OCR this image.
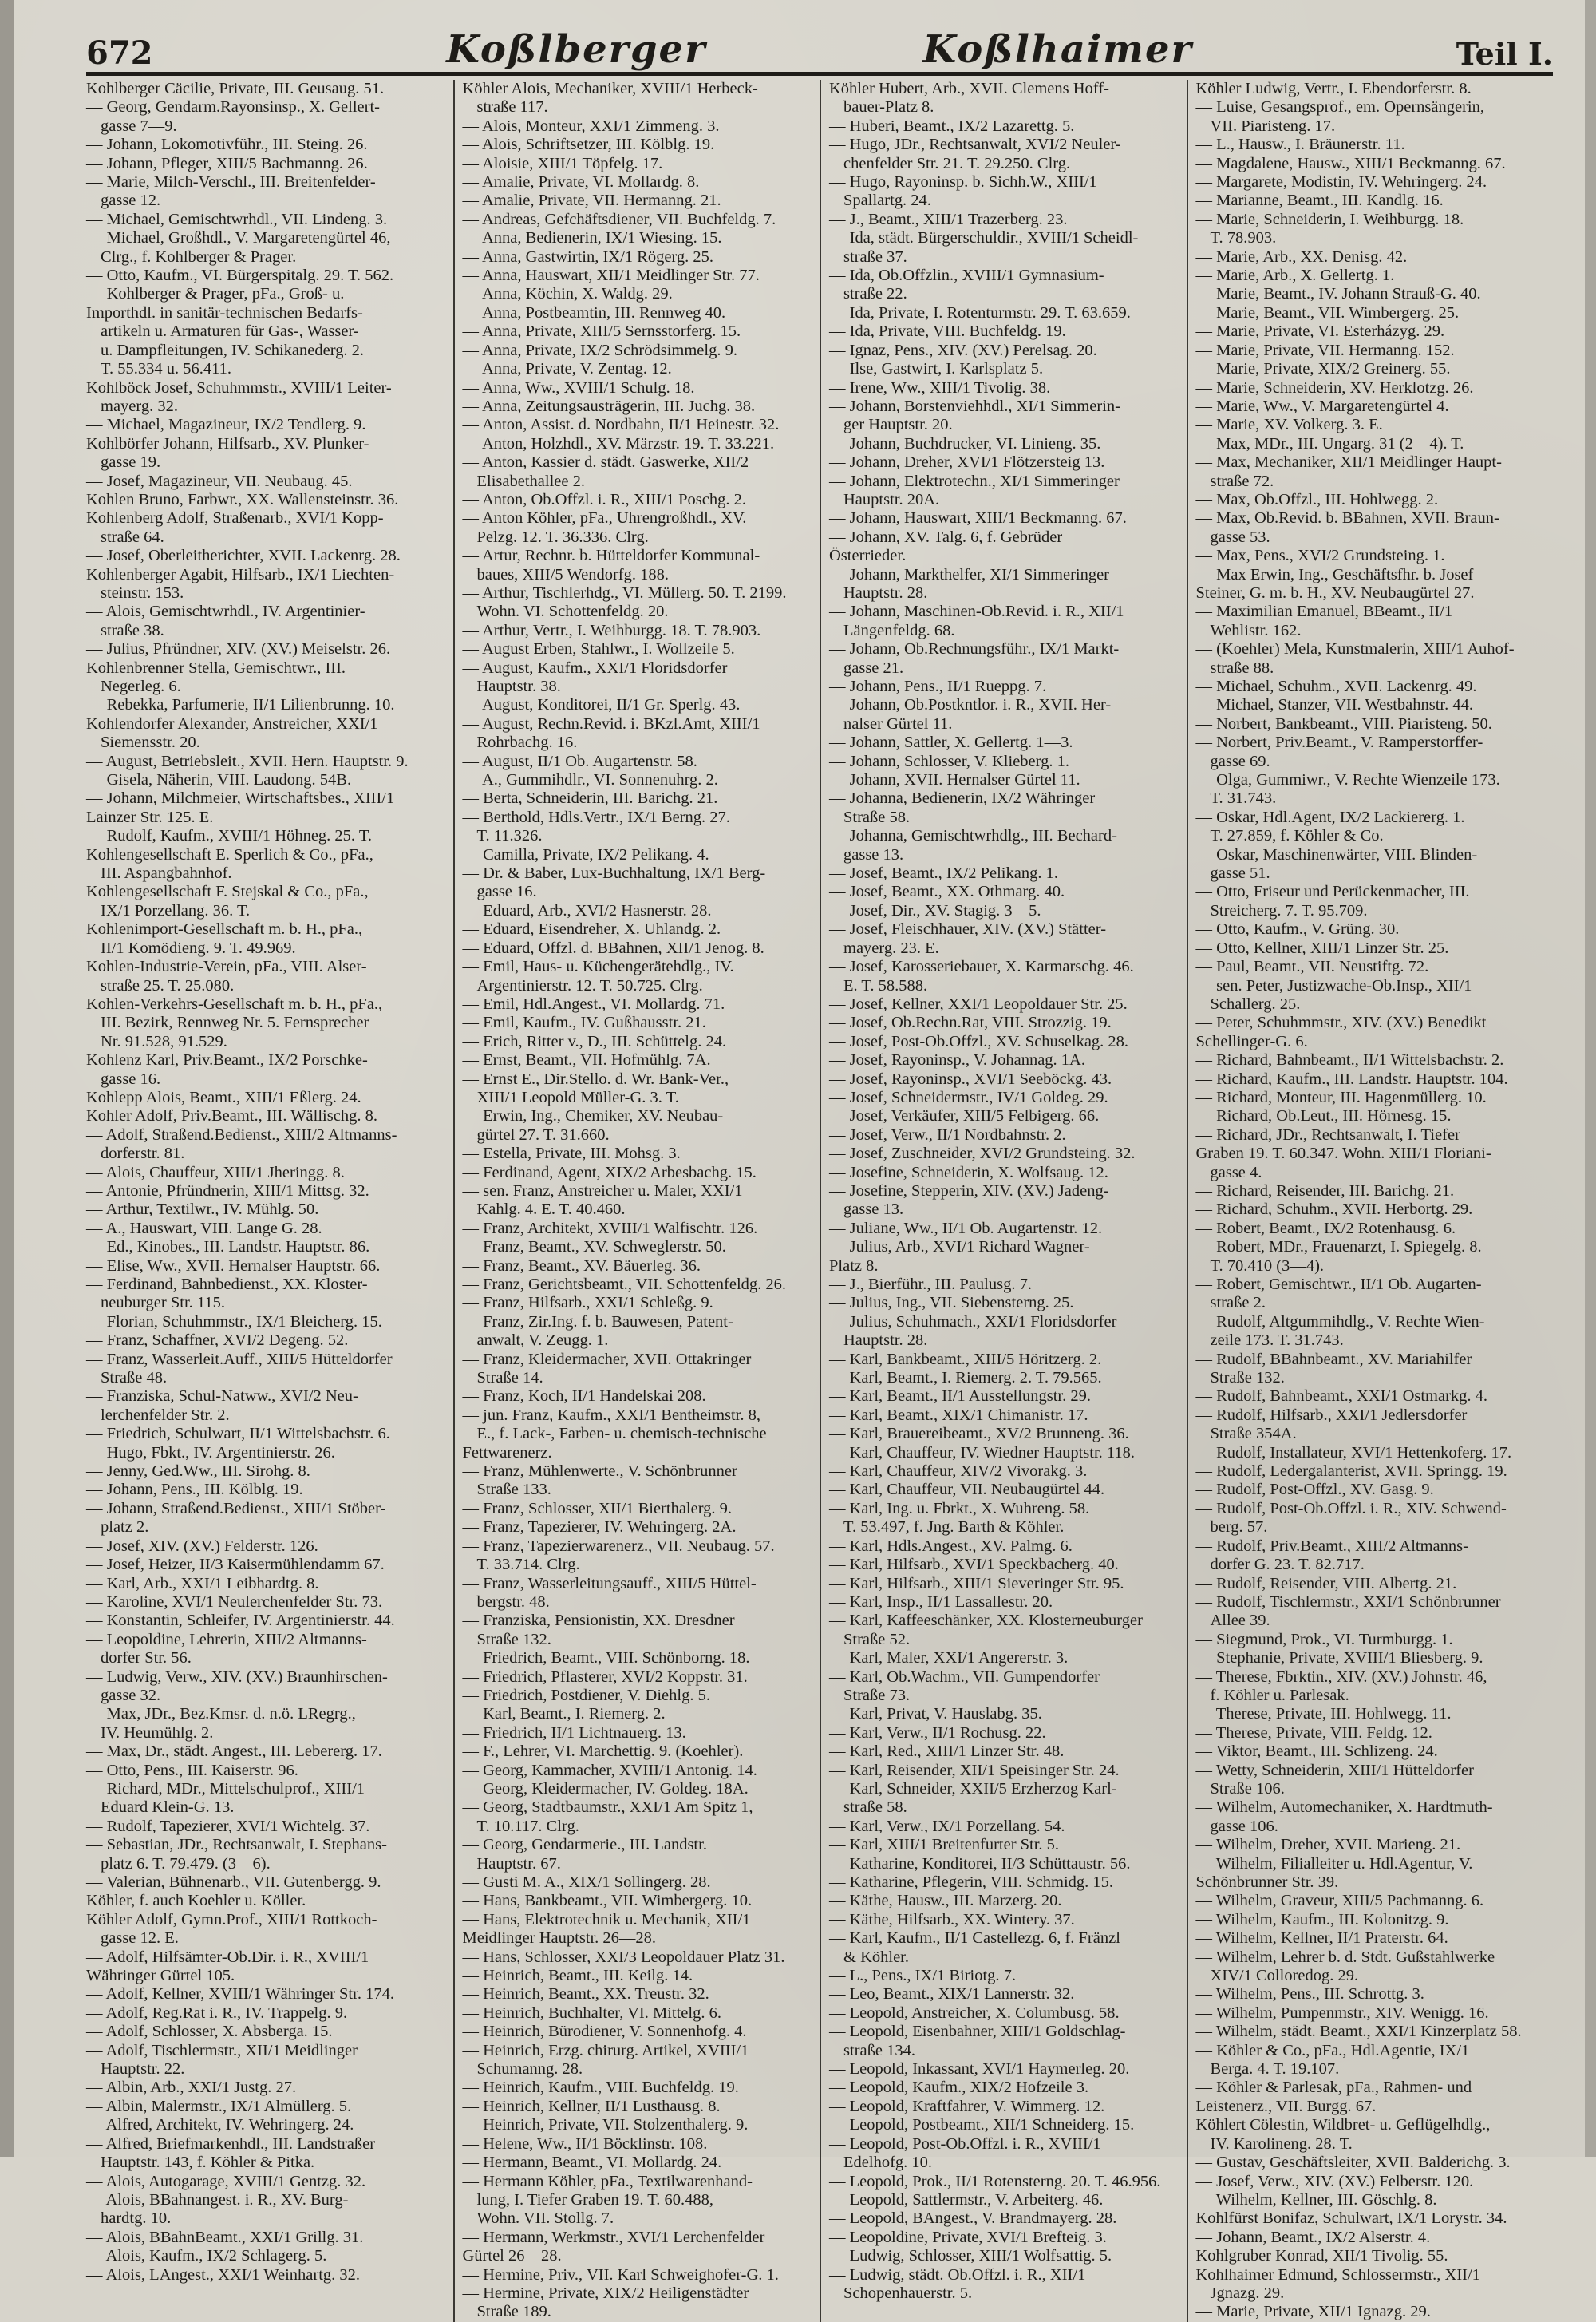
672	Koßlberger	Koßlhaimer	Teil I.

Kohlberger Cäcilie, Private, III. Geusaug. 51.

— Georg, Gendarm.Rayonsinsp., X. Gellert-

gasse 7—9.

— Johann, Lokomotivführ., III. Steing. 26.

— Johann, Pfleger, XIII/5 Bachmanng. 26.

— Marie, Milch-Verschl., III. Breitenfelder-

gasse 12.

— Michael, Gemischtwrhdl., VII. Lindeng. 3.

— Michael, Großhdl., V. Margaretengürtel 46,

Clrg., f. Kohlberger & Prager.

— Otto, Kaufm., VI. Bürgerspitalg. 29. T. 562.

— Kohlberger & Prager, pFa., Groß- u.

Importhdl. in sanitär-technischen Bedarfs-

artikeln u. Armaturen für Gas-, Wasser-

u. Dampfleitungen, IV. Schikanederg. 2.

T. 55.334 u. 56.411.

Kohlböck Josef, Schuhmmstr., XVIII/1 Leiter-

mayerg. 32.

— Michael, Magazineur, IX/2 Tendlerg. 9.

Kohlbörfer Johann, Hilfsarb., XV. Plunker-

gasse 19.

— Josef, Magazineur, VII. Neubaug. 45.

Kohlen Bruno, Farbwr., XX. Wallensteinstr. 36.

Kohlenberg Adolf, Straßenarb., XVI/1 Kopp-

straße 64.

— Josef, Oberleitherichter, XVII. Lackenrg. 28.

Kohlenberger Agabit, Hilfsarb., IX/1 Liechten-

steinstr. 153.

— Alois, Gemischtwrhdl., IV. Argentinier-

straße 38.

— Julius, Pfründner, XIV. (XV.) Meiselstr. 26.

Kohlenbrenner Stella, Gemischtwr., III.

Negerleg. 6.

— Rebekka, Parfumerie, II/1 Lilienbrunng. 10.

Kohlendorfer Alexander, Anstreicher, XXI/1

Siemensstr. 20.

— August, Betriebsleit., XVII. Hern. Hauptstr. 9.

— Gisela, Näherin, VIII. Laudong. 54B.

— Johann, Milchmeier, Wirtschaftsbes., XIII/1

Lainzer Str. 125. E.

— Rudolf, Kaufm., XVIII/1 Höhneg. 25. T.

Kohlengesellschaft E. Sperlich & Co., pFa.,

III. Aspangbahnhof.

Kohlengesellschaft F. Stejskal & Co., pFa.,

IX/1 Porzellang. 36. T.

Kohlenimport-Gesellschaft m. b. H., pFa.,

II/1 Komödieng. 9. T. 49.969.

Kohlen-Industrie-Verein, pFa., VIII. Alser-

straße 25. T. 25.080.

Kohlen-Verkehrs-Gesellschaft m. b. H., pFa.,

III. Bezirk, Rennweg Nr. 5. Fernsprecher

Nr. 91.528, 91.529.

Kohlenz Karl, Priv.Beamt., IX/2 Porschke-

gasse 16.

Kohlepp Alois, Beamt., XIII/1 Eßlerg. 24.

Kohler Adolf, Priv.Beamt., III. Wällischg. 8.

— Adolf, Straßend.Bedienst., XIII/2 Altmanns-

dorferstr. 81.

— Alois, Chauffeur, XIII/1 Jheringg. 8.

— Antonie, Pfründnerin, XIII/1 Mittsg. 32.

— Arthur, Textilwr., IV. Mühlg. 50.

— A., Hauswart, VIII. Lange G. 28.

— Ed., Kinobes., III. Landstr. Hauptstr. 86.

— Elise, Ww., XVII. Hernalser Hauptstr. 66.

— Ferdinand, Bahnbedienst., XX. Kloster-

neuburger Str. 115.

— Florian, Schuhmmstr., IX/1 Bleicherg. 15.

— Franz, Schaffner, XVI/2 Degeng. 52.

— Franz, Wasserleit.Auff., XIII/5 Hütteldorfer

Straße 48.

— Franziska, Schul-Natww., XVI/2 Neu-

lerchenfelder Str. 2.

— Friedrich, Schulwart, II/1 Wittelsbachstr. 6.

— Hugo, Fbkt., IV. Argentinierstr. 26.

— Jenny, Ged.Ww., III. Sirohg. 8.

— Johann, Pens., III. Kölblg. 19.

— Johann, Straßend.Bedienst., XIII/1 Stöber-

platz 2.

— Josef, XIV. (XV.) Felderstr. 126.

— Josef, Heizer, II/3 Kaisermühlendamm 67.

— Karl, Arb., XXI/1 Leibhardtg. 8.

— Karoline, XVI/1 Neulerchenfelder Str. 73.

— Konstantin, Schleifer, IV. Argentinierstr. 44.

— Leopoldine, Lehrerin, XIII/2 Altmanns-

dorfer Str. 56.

— Ludwig, Verw., XIV. (XV.) Braunhirschen-

gasse 32.

— Max, JDr., Bez.Kmsr. d. n.ö. LRegrg.,

IV. Heumühlg. 2.

— Max, Dr., städt. Angest., III. Lebererg. 17.

— Otto, Pens., III. Kaiserstr. 96.

— Richard, MDr., Mittelschulprof., XIII/1

Eduard Klein-G. 13.

— Rudolf, Tapezierer, XVI/1 Wichtelg. 37.

— Sebastian, JDr., Rechtsanwalt, I. Stephans-

platz 6. T. 79.479. (3—6).

— Valerian, Bühnenarb., VII. Gutenbergg. 9.

Köhler, f. auch Koehler u. Köller.

Köhler Adolf, Gymn.Prof., XIII/1 Rottkoch-

gasse 12. E.

— Adolf, Hilfsämter-Ob.Dir. i. R., XVIII/1

Währinger Gürtel 105.

— Adolf, Kellner, XVIII/1 Währinger Str. 174.

— Adolf, Reg.Rat i. R., IV. Trappelg. 9.

— Adolf, Schlosser, X. Absberga. 15.

— Adolf, Tischlermstr., XII/1 Meidlinger

Hauptstr. 22.

— Albin, Arb., XXI/1 Justg. 27.

— Albin, Malermstr., IX/1 Almüllerg. 5.

— Alfred, Architekt, IV. Wehringerg. 24.

— Alfred, Briefmarkenhdl., III. Landstraßer

Hauptstr. 143, f. Köhler & Pitka.

— Alois, Autogarage, XVIII/1 Gentzg. 32.

— Alois, BBahnangest. i. R., XV. Burg-

hardtg. 10.

— Alois, BBahnBeamt., XXI/1 Grillg. 31.

— Alois, Kaufm., IX/2 Schlagerg. 5.

— Alois, LAngest., XXI/1 Weinhartg. 32.

Köhler Alois, Mechaniker, XVIII/1 Herbeck-

straße 117.

— Alois, Monteur, XXI/1 Zimmeng. 3.

— Alois, Schriftsetzer, III. Kölblg. 19.

— Aloisie, XIII/1 Töpfelg. 17.

— Amalie, Private, VI. Mollardg. 8.

— Amalie, Private, VII. Hermanng. 21.

— Andreas, Gefchäftsdiener, VII. Buchfeldg. 7.

— Anna, Bedienerin, IX/1 Wiesing. 15.

— Anna, Gastwirtin, IX/1 Rögerg. 25.

— Anna, Hauswart, XII/1 Meidlinger Str. 77.

— Anna, Köchin, X. Waldg. 29.

— Anna, Postbeamtin, III. Rennweg 40.

— Anna, Private, XIII/5 Sernsstorferg. 15.

— Anna, Private, IX/2 Schrödsimmelg. 9.

— Anna, Private, V. Zentag. 12.

— Anna, Ww., XVIII/1 Schulg. 18.

— Anna, Zeitungsausträgerin, III. Juchg. 38.

— Anton, Assist. d. Nordbahn, II/1 Heinestr. 32.

— Anton, Holzhdl., XV. Märzstr. 19. T. 33.221.

— Anton, Kassier d. städt. Gaswerke, XII/2

Elisabethallee 2.

— Anton, Ob.Offzl. i. R., XIII/1 Poschg. 2.

— Anton Köhler, pFa., Uhrengroßhdl., XV.

Pelzg. 12. T. 36.336. Clrg.

— Artur, Rechnr. b. Hütteldorfer Kommunal-

baues, XIII/5 Wendorfg. 188.

— Arthur, Tischlerhdg., VI. Müllerg. 50. T. 2199.

Wohn. VI. Schottenfeldg. 20.

— Arthur, Vertr., I. Weihburgg. 18. T. 78.903.

— August Erben, Stahlwr., I. Wollzeile 5.

— August, Kaufm., XXI/1 Floridsdorfer

Hauptstr. 38.

— August, Konditorei, II/1 Gr. Sperlg. 43.

— August, Rechn.Revid. i. BKzl.Amt, XIII/1

Rohrbachg. 16.

— August, II/1 Ob. Augartenstr. 58.

— A., Gummihdlr., VI. Sonnenuhrg. 2.

— Berta, Schneiderin, III. Barichg. 21.

— Berthold, Hdls.Vertr., IX/1 Berng. 27.

T. 11.326.

— Camilla, Private, IX/2 Pelikang. 4.

— Dr. & Baber, Lux-Buchhaltung, IX/1 Berg-

gasse 16.

— Eduard, Arb., XVI/2 Hasnerstr. 28.

— Eduard, Eisendreher, X. Uhlandg. 2.

— Eduard, Offzl. d. BBahnen, XII/1 Jenog. 8.

— Emil, Haus- u. Küchengerätehdlg., IV.

Argentinierstr. 12. T. 50.725. Clrg.

— Emil, Hdl.Angest., VI. Mollardg. 71.

— Emil, Kaufm., IV. Gußhausstr. 21.

— Erich, Ritter v., D., III. Schüttelg. 24.

— Ernst, Beamt., VII. Hofmühlg. 7A.

— Ernst E., Dir.Stello. d. Wr. Bank-Ver.,

XIII/1 Leopold Müller-G. 3. T.

— Erwin, Ing., Chemiker, XV. Neubau-

gürtel 27. T. 31.660.

— Estella, Private, III. Mohsg. 3.

— Ferdinand, Agent, XIX/2 Arbesbachg. 15.

— sen. Franz, Anstreicher u. Maler, XXI/1

Kahlg. 4. E. T. 40.460.

— Franz, Architekt, XVIII/1 Walfischtr. 126.

— Franz, Beamt., XV. Schweglerstr. 50.

— Franz, Beamt., XV. Bäuerleg. 36.

— Franz, Gerichtsbeamt., VII. Schottenfeldg. 26.

— Franz, Hilfsarb., XXI/1 Schleßg. 9.

— Franz, Zir.Ing. f. b. Bauwesen, Patent-

anwalt, V. Zeugg. 1.

— Franz, Kleidermacher, XVII. Ottakringer

Straße 14.

— Franz, Koch, II/1 Handelskai 208.

— jun. Franz, Kaufm., XXI/1 Bentheimstr. 8,

E., f. Lack-, Farben- u. chemisch-technische

Fettwarenerz.

— Franz, Mühlenwerte., V. Schönbrunner

Straße 133.

— Franz, Schlosser, XII/1 Bierthalerg. 9.

— Franz, Tapezierer, IV. Wehringerg. 2A.

— Franz, Tapezierwarenerz., VII. Neubaug. 57.

T. 33.714. Clrg.

— Franz, Wasserleitungsauff., XIII/5 Hüttel-

bergstr. 48.

— Franziska, Pensionistin, XX. Dresdner

Straße 132.

— Friedrich, Beamt., VIII. Schönborng. 18.

— Friedrich, Pflasterer, XVI/2 Koppstr. 31.

— Friedrich, Postdiener, V. Diehlg. 5.

— Karl, Beamt., I. Riemerg. 2.

— Friedrich, II/1 Lichtnauerg. 13.

— F., Lehrer, VI. Marchettig. 9. (Koehler).

— Georg, Kammacher, XVIII/1 Antonig. 14.

— Georg, Kleidermacher, IV. Goldeg. 18A.

— Georg, Stadtbaumstr., XXI/1 Am Spitz 1,

T. 10.117. Clrg.

— Georg, Gendarmerie., III. Landstr.

Hauptstr. 67.

— Gusti M. A., XIX/1 Sollingerg. 28.

— Hans, Bankbeamt., VII. Wimbergerg. 10.

— Hans, Elektrotechnik u. Mechanik, XII/1

Meidlinger Hauptstr. 26—28.

— Hans, Schlosser, XXI/3 Leopoldauer Platz 31.

— Heinrich, Beamt., III. Keilg. 14.

— Heinrich, Beamt., XX. Treustr. 32.

— Heinrich, Buchhalter, VI. Mittelg. 6.

— Heinrich, Bürodiener, V. Sonnenhofg. 4.

— Heinrich, Erzg. chirurg. Artikel, XVIII/1

Schumanng. 28.

— Heinrich, Kaufm., VIII. Buchfeldg. 19.

— Heinrich, Kellner, II/1 Lusthausg. 8.

— Heinrich, Private, VII. Stolzenthalerg. 9.

— Helene, Ww., II/1 Böcklinstr. 108.

— Hermann, Beamt., VI. Mollardg. 24.

— Hermann Köhler, pFa., Textilwarenhand-

lung, I. Tiefer Graben 19. T. 60.488,

Wohn. VII. Stollg. 7.

— Hermann, Werkmstr., XVI/1 Lerchenfelder

Gürtel 26—28.

— Hermine, Priv., VII. Karl Schweighofer-G. 1.

— Hermine, Private, XIX/2 Heiligenstädter

Straße 189.

Köhler Hubert, Arb., XVII. Clemens Hoff-

bauer-Platz 8.

— Huberi, Beamt., IX/2 Lazarettg. 5.

— Hugo, JDr., Rechtsanwalt, XVI/2 Neuler-

chenfelder Str. 21. T. 29.250. Clrg.

— Hugo, Rayoninsp. b. Sichh.W., XIII/1

Spallartg. 24.

— J., Beamt., XIII/1 Trazerberg. 23.

— Ida, städt. Bürgerschuldir., XVIII/1 Scheidl-

straße 37.

— Ida, Ob.Offzlin., XVIII/1 Gymnasium-

straße 22.

— Ida, Private, I. Rotenturmstr. 29. T. 63.659.

— Ida, Private, VIII. Buchfeldg. 19.

— Ignaz, Pens., XIV. (XV.) Perelsag. 20.

— Ilse, Gastwirt, I. Karlsplatz 5.

— Irene, Ww., XIII/1 Tivolig. 38.

— Johann, Borstenviehhdl., XI/1 Simmerin-

ger Hauptstr. 20.

— Johann, Buchdrucker, VI. Linieng. 35.

— Johann, Dreher, XVI/1 Flötzersteig 13.

— Johann, Elektrotechn., XI/1 Simmeringer

Hauptstr. 20A.

— Johann, Hauswart, XIII/1 Beckmanng. 67.

— Johann, XV. Talg. 6, f. Gebrüder

Österrieder.

— Johann, Markthelfer, XI/1 Simmeringer

Hauptstr. 28.

— Johann, Maschinen-Ob.Revid. i. R., XII/1

Längenfeldg. 68.

— Johann, Ob.Rechnungsführ., IX/1 Markt-

gasse 21.

— Johann, Pens., II/1 Rueppg. 7.

— Johann, Ob.Postkntlor. i. R., XVII. Her-

nalser Gürtel 11.

— Johann, Sattler, X. Gellertg. 1—3.

— Johann, Schlosser, V. Klieberg. 1.

— Johann, XVII. Hernalser Gürtel 11.

— Johanna, Bedienerin, IX/2 Währinger

Straße 58.

— Johanna, Gemischtwrhdlg., III. Bechard-

gasse 13.

— Josef, Beamt., IX/2 Pelikang. 1.

— Josef, Beamt., XX. Othmarg. 40.

— Josef, Dir., XV. Stagig. 3—5.

— Josef, Fleischhauer, XIV. (XV.) Stätter-

mayerg. 23. E.

— Josef, Karosseriebauer, X. Karmarschg. 46.

E. T. 58.588.

— Josef, Kellner, XXI/1 Leopoldauer Str. 25.

— Josef, Ob.Rechn.Rat, VIII. Strozzig. 19.

— Josef, Post-Ob.Offzl., XV. Schuselkag. 28.

— Josef, Rayoninsp., V. Johannag. 1A.

— Josef, Rayoninsp., XVI/1 Seeböckg. 43.

— Josef, Schneidermstr., IV/1 Goldeg. 29.

— Josef, Verkäufer, XIII/5 Felbigerg. 66.

— Josef, Verw., II/1 Nordbahnstr. 2.

— Josef, Zuschneider, XVI/2 Grundsteing. 32.

— Josefine, Schneiderin, X. Wolfsaug. 12.

— Josefine, Stepperin, XIV. (XV.) Jadeng-

gasse 13.

— Juliane, Ww., II/1 Ob. Augartenstr. 12.

— Julius, Arb., XVI/1 Richard Wagner-

Platz 8.

— J., Bierführ., III. Paulusg. 7.

— Julius, Ing., VII. Siebensterng. 25.

— Julius, Schuhmach., XXI/1 Floridsdorfer

Hauptstr. 28.

— Karl, Bankbeamt., XIII/5 Höritzerg. 2.

— Karl, Beamt., I. Riemerg. 2. T. 79.565.

— Karl, Beamt., II/1 Ausstellungstr. 29.

— Karl, Beamt., XIX/1 Chimanistr. 17.

— Karl, Brauereibeamt., XV/2 Brunneng. 36.

— Karl, Chauffeur, IV. Wiedner Hauptstr. 118.

— Karl, Chauffeur, XIV/2 Vivorakg. 3.

— Karl, Chauffeur, VII. Neubaugürtel 44.

— Karl, Ing. u. Fbrkt., X. Wuhreng. 58.

T. 53.497, f. Jng. Barth & Köhler.

— Karl, Hdls.Angest., XV. Palmg. 6.

— Karl, Hilfsarb., XVI/1 Speckbacherg. 40.

— Karl, Hilfsarb., XIII/1 Sieveringer Str. 95.

— Karl, Insp., II/1 Lassallestr. 20.

— Karl, Kaffeeschänker, XX. Klosterneuburger

Straße 52.

— Karl, Maler, XXI/1 Angererstr. 3.

— Karl, Ob.Wachm., VII. Gumpendorfer

Straße 73.

— Karl, Privat, V. Hauslabg. 35.

— Karl, Verw., II/1 Rochusg. 22.

— Karl, Red., XIII/1 Linzer Str. 48.

— Karl, Reisender, XII/1 Speisinger Str. 24.

— Karl, Schneider, XXII/5 Erzherzog Karl-

straße 58.

— Karl, Verw., IX/1 Porzellang. 54.

— Karl, XIII/1 Breitenfurter Str. 5.

— Katharine, Konditorei, II/3 Schüttaustr. 56.

— Katharine, Pflegerin, VIII. Schmidg. 15.

— Käthe, Hausw., III. Marzerg. 20.

— Käthe, Hilfsarb., XX. Wintery. 37.

— Karl, Kaufm., II/1 Castellezg. 6, f. Fränzl

& Köhler.

— L., Pens., IX/1 Biriotg. 7.

— Leo, Beamt., XIX/1 Lannerstr. 32.

— Leopold, Anstreicher, X. Columbusg. 58.

— Leopold, Eisenbahner, XIII/1 Goldschlag-

straße 134.

— Leopold, Inkassant, XVI/1 Haymerleg. 20.

— Leopold, Kaufm., XIX/2 Hofzeile 3.

— Leopold, Kraftfahrer, V. Wimmerg. 12.

— Leopold, Postbeamt., XII/1 Schneiderg. 15.

— Leopold, Post-Ob.Offzl. i. R., XVIII/1

Edelhofg. 10.

— Leopold, Prok., II/1 Rotensterng. 20. T. 46.956.

— Leopold, Sattlermstr., V. Arbeiterg. 46.

— Leopold, BAngest., V. Brandmayerg. 28.

— Leopoldine, Private, XVI/1 Brefteig. 3.

— Ludwig, Schlosser, XIII/1 Wolfsattig. 5.

— Ludwig, städt. Ob.Offzl. i. R., XII/1

Schopenhauerstr. 5.

Köhler Ludwig, Vertr., I. Ebendorferstr. 8.

— Luise, Gesangsprof., em. Opernsängerin,

VII. Piaristeng. 17.

— L., Hausw., I. Bräunerstr. 11.

— Magdalene, Hausw., XIII/1 Beckmanng. 67.

— Margarete, Modistin, IV. Wehringerg. 24.

— Marianne, Beamt., III. Kandlg. 16.

— Marie, Schneiderin, I. Weihburgg. 18.

T. 78.903.

— Marie, Arb., XX. Denisg. 42.

— Marie, Arb., X. Gellertg. 1.

— Marie, Beamt., IV. Johann Strauß-G. 40.

— Marie, Beamt., VII. Wimbergerg. 25.

— Marie, Private, VI. Esterházyg. 29.

— Marie, Private, VII. Hermanng. 152.

— Marie, Private, XIX/2 Greinerg. 55.

— Marie, Schneiderin, XV. Herklotzg. 26.

— Marie, Ww., V. Margaretengürtel 4.

— Marie, XV. Volkerg. 3. E.

— Max, MDr., III. Ungarg. 31 (2—4). T.

— Max, Mechaniker, XII/1 Meidlinger Haupt-

straße 72.

— Max, Ob.Offzl., III. Hohlwegg. 2.

— Max, Ob.Revid. b. BBahnen, XVII. Braun-

gasse 53.

— Max, Pens., XVI/2 Grundsteing. 1.

— Max Erwin, Ing., Geschäftsfhr. b. Josef

Steiner, G. m. b. H., XV. Neubaugürtel 27.

— Maximilian Emanuel, BBeamt., II/1

Wehlistr. 162.

— (Koehler) Mela, Kunstmalerin, XIII/1 Auhof-

straße 88.

— Michael, Schuhm., XVII. Lackenrg. 49.

— Michael, Stanzer, VII. Westbahnstr. 44.

— Norbert, Bankbeamt., VIII. Piaristeng. 50.

— Norbert, Priv.Beamt., V. Ramperstorffer-

gasse 69.

— Olga, Gummiwr., V. Rechte Wienzeile 173.

T. 31.743.

— Oskar, Hdl.Agent, IX/2 Lackiererg. 1.

T. 27.859, f. Köhler & Co.

— Oskar, Maschinenwärter, VIII. Blinden-

gasse 51.

— Otto, Friseur und Perückenmacher, III.

Streicherg. 7. T. 95.709.

— Otto, Kaufm., V. Grüng. 30.

— Otto, Kellner, XIII/1 Linzer Str. 25.

— Paul, Beamt., VII. Neustiftg. 72.

— sen. Peter, Justizwache-Ob.Insp., XII/1

Schallerg. 25.

— Peter, Schuhmmstr., XIV. (XV.) Benedikt

Schellinger-G. 6.

— Richard, Bahnbeamt., II/1 Wittelsbachstr. 2.

— Richard, Kaufm., III. Landstr. Hauptstr. 104.

— Richard, Monteur, III. Hagenmüllerg. 10.

— Richard, Ob.Leut., III. Hörnesg. 15.

— Richard, JDr., Rechtsanwalt, I. Tiefer

Graben 19. T. 60.347. Wohn. XIII/1 Floriani-

gasse 4.

— Richard, Reisender, III. Barichg. 21.

— Richard, Schuhm., XVII. Herbortg. 29.

— Robert, Beamt., IX/2 Rotenhausg. 6.

— Robert, MDr., Frauenarzt, I. Spiegelg. 8.

T. 70.410 (3—4).

— Robert, Gemischtwr., II/1 Ob. Augarten-

straße 2.

— Rudolf, Altgummihdlg., V. Rechte Wien-

zeile 173. T. 31.743.

— Rudolf, BBahnbeamt., XV. Mariahilfer

Straße 132.

— Rudolf, Bahnbeamt., XXI/1 Ostmarkg. 4.

— Rudolf, Hilfsarb., XXI/1 Jedlersdorfer

Straße 354A.

— Rudolf, Installateur, XVI/1 Hettenkoferg. 17.

— Rudolf, Ledergalanterist, XVII. Springg. 19.

— Rudolf, Post-Offzl., XV. Gasg. 9.

— Rudolf, Post-Ob.Offzl. i. R., XIV. Schwend-

berg. 57.

— Rudolf, Priv.Beamt., XIII/2 Altmanns-

dorfer G. 23. T. 82.717.

— Rudolf, Reisender, VIII. Albertg. 21.

— Rudolf, Tischlermstr., XXI/1 Schönbrunner

Allee 39.

— Siegmund, Prok., VI. Turmburgg. 1.

— Stephanie, Private, XVIII/1 Bliesberg. 9.

— Therese, Fbrktin., XIV. (XV.) Johnstr. 46,

f. Köhler u. Parlesak.

— Therese, Private, III. Hohlwegg. 11.

— Therese, Private, VIII. Feldg. 12.

— Viktor, Beamt., III. Schlizeng. 24.

— Wetty, Schneiderin, XIII/1 Hütteldorfer

Straße 106.

— Wilhelm, Automechaniker, X. Hardtmuth-

gasse 106.

— Wilhelm, Dreher, XVII. Marieng. 21.

— Wilhelm, Filialleiter u. Hdl.Agentur, V.

Schönbrunner Str. 39.

— Wilhelm, Graveur, XIII/5 Pachmanng. 6.

— Wilhelm, Kaufm., III. Kolonitzg. 9.

— Wilhelm, Kellner, II/1 Praterstr. 64.

— Wilhelm, Lehrer b. d. Stdt. Gußstahlwerke

XIV/1 Colloredog. 29.

— Wilhelm, Pens., III. Schrottg. 3.

— Wilhelm, Pumpenmstr., XIV. Wenigg. 16.

— Wilhelm, städt. Beamt., XXI/1 Kinzerplatz 58.

— Köhler & Co., pFa., Hdl.Agentie, IX/1

Berga. 4. T. 19.107.

— Köhler & Parlesak, pFa., Rahmen- und

Leistenerz., VII. Burgg. 67.

Köhlert Cölestin, Wildbret- u. Geflügelhdlg.,

IV. Karolineng. 28. T.

— Gustav, Geschäftsleiter, XVII. Balderichg. 3.

— Josef, Verw., XIV. (XV.) Felberstr. 120.

— Wilhelm, Kellner, III. Göschlg. 8.

Kohlfürst Bonifaz, Schulwart, IX/1 Lorystr. 34.

— Johann, Beamt., IX/2 Alserstr. 4.

Kohlgruber Konrad, XII/1 Tivolig. 55.

Kohlhaimer Edmund, Schlossermstr., XII/1

Jgnazg. 29.

— Marie, Private, XII/1 Ignazg. 29.
